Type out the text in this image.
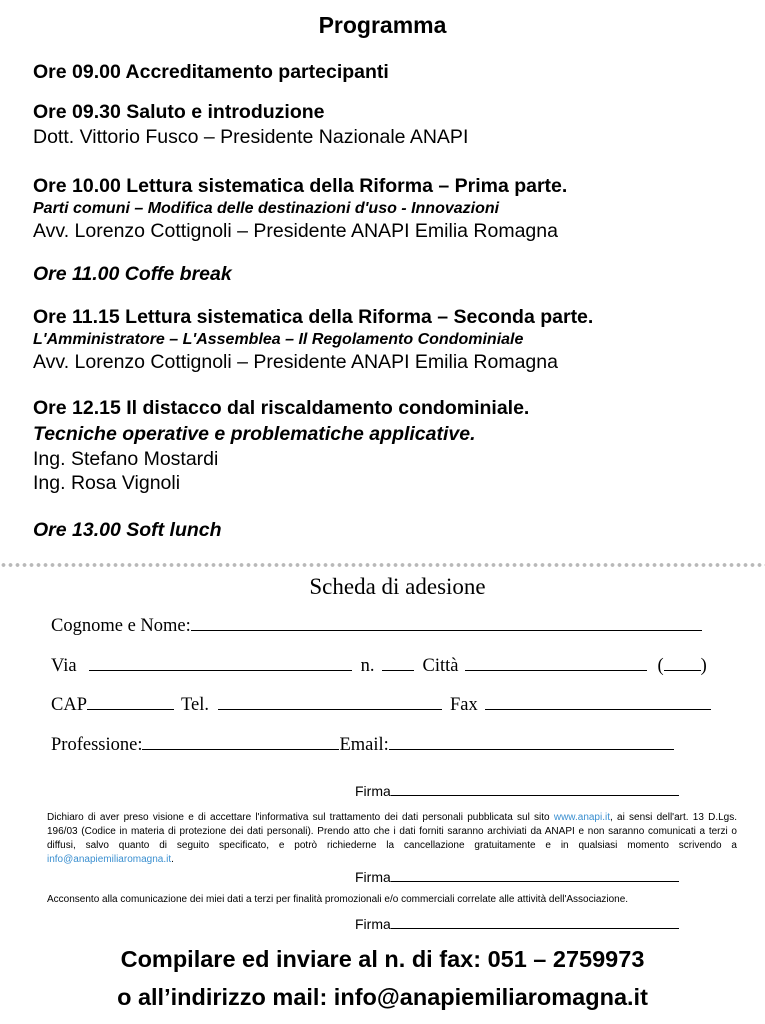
Programma
Ore 09.00 Accreditamento partecipanti
Ore 09.30 Saluto e introduzione
Dott. Vittorio Fusco – Presidente Nazionale ANAPI
Ore 10.00 Lettura sistematica della Riforma – Prima parte.
Parti comuni – Modifica delle destinazioni d'uso - Innovazioni
Avv. Lorenzo Cottignoli – Presidente ANAPI Emilia Romagna
Ore 11.00 Coffe break
Ore 11.15 Lettura sistematica della Riforma – Seconda parte.
L'Amministratore – L'Assemblea – Il Regolamento Condominiale
Avv. Lorenzo Cottignoli – Presidente ANAPI Emilia Romagna
Ore 12.15 Il distacco dal riscaldamento condominiale.
Tecniche operative e problematiche applicative.
Ing. Stefano Mostardi
Ing. Rosa Vignoli
Ore 13.00 Soft lunch
Scheda di adesione
Cognome e Nome:
Via	n.	Città	( )
CAP	Tel.	Fax
Professione:	Email:
Firma
Dichiaro di aver preso visione e di accettare l'informativa sul trattamento dei dati personali pubblicata sul sito www.anapi.it, ai sensi dell'art. 13 D.Lgs. 196/03 (Codice in materia di protezione dei dati personali). Prendo atto che i dati forniti saranno archiviati da ANAPI e non saranno comunicati a terzi o diffusi, salvo quanto di seguito specificato, e potrò richiederne la cancellazione gratuitamente e in qualsiasi momento scrivendo a info@anapiemiliaromagna.it.
Firma
Acconsento alla comunicazione dei miei dati a terzi per finalità promozionali e/o commerciali correlate alle attività dell'Associazione.
Firma
Compilare ed inviare al n. di fax: 051 – 2759973
o all’indirizzo mail: info@anapiemiliaromagna.it
